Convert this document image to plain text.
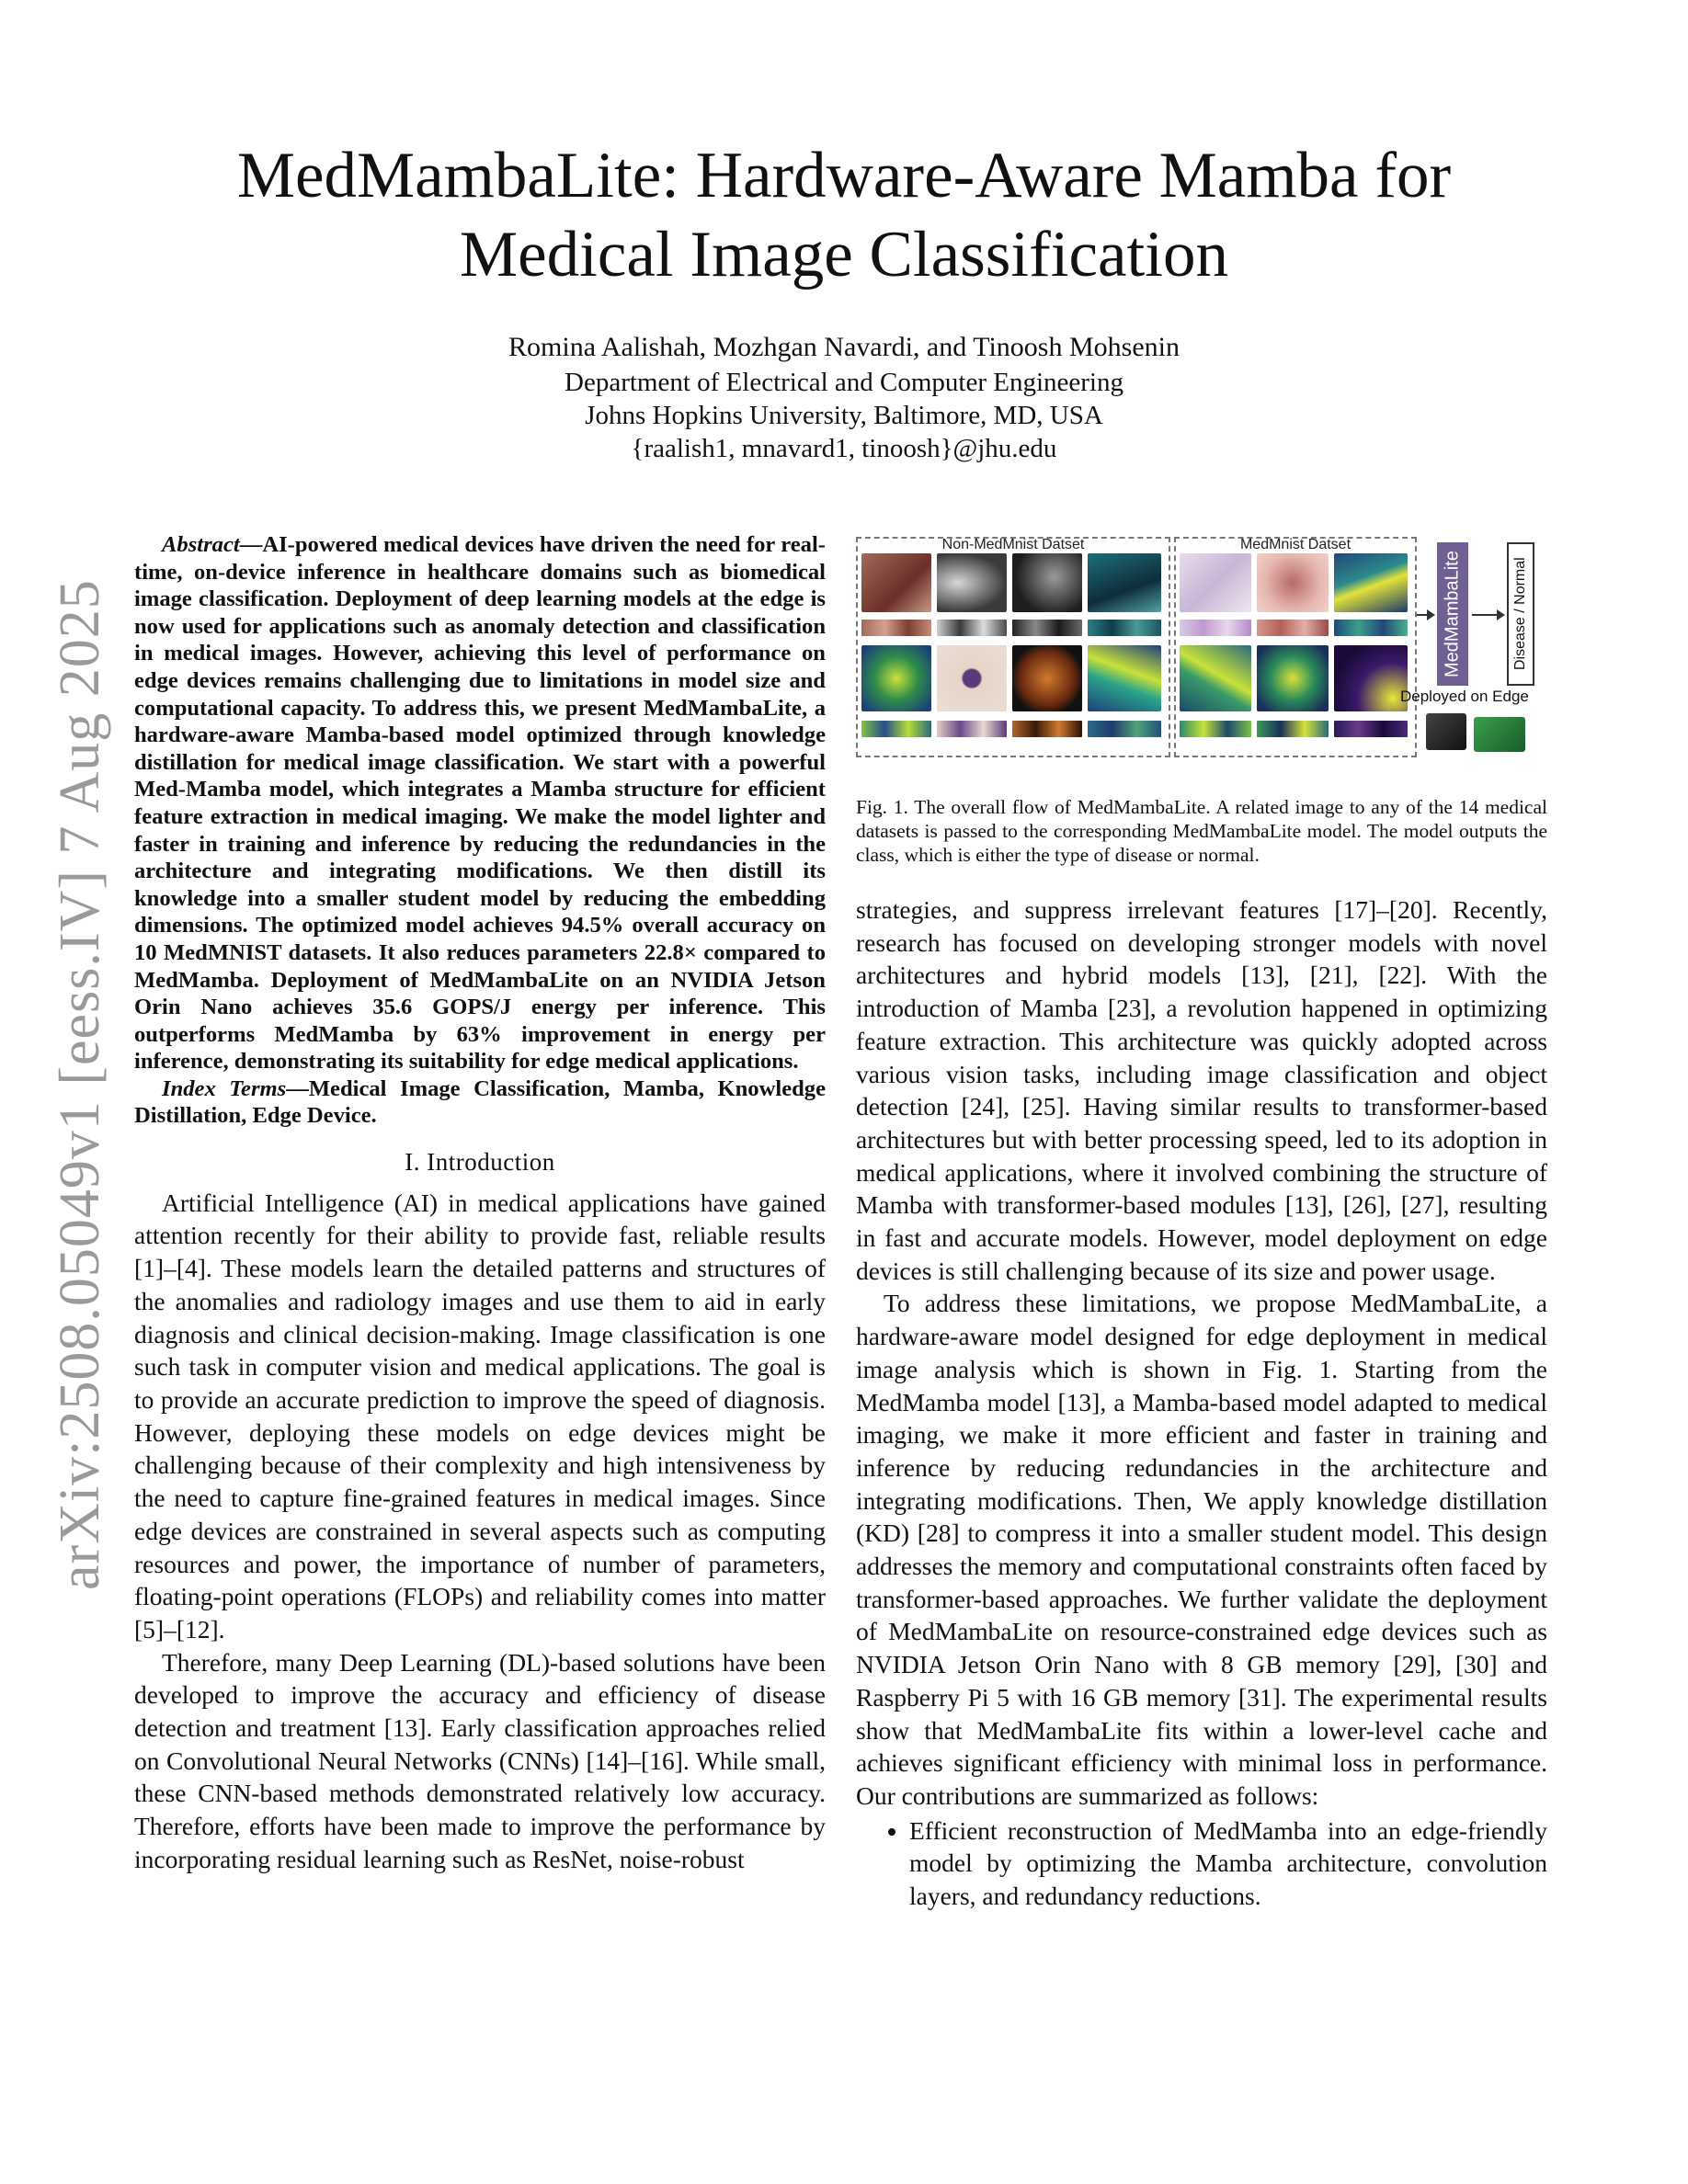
MedMambaLite: Hardware-Aware Mamba for
Medical Image Classification
Romina Aalishah, Mozhgan Navardi, and Tinoosh Mohsenin
Department of Electrical and Computer Engineering
Johns Hopkins University, Baltimore, MD, USA
{raalish1, mnavard1, tinoosh}@jhu.edu
arXiv:2508.05049v1 [eess.IV] 7 Aug 2025

Abstract—AI-powered medical devices have driven the need for real-time, on-device inference in healthcare domains such as biomedical image classification. Deployment of deep learning models at the edge is now used for applications such as anomaly detection and classification in medical images. However, achieving this level of performance on edge devices remains challenging due to limitations in model size and computational capacity. To address this, we present MedMambaLite, a hardware-aware Mamba-based model optimized through knowledge distillation for medical image classification. We start with a powerful Med-Mamba model, which integrates a Mamba structure for efficient feature extraction in medical imaging. We make the model lighter and faster in training and inference by reducing the redundancies in the architecture and integrating modifications. We then distill its knowledge into a smaller student model by reducing the embedding dimensions. The optimized model achieves 94.5% overall accuracy on 10 MedMNIST datasets. It also reduces parameters 22.8× compared to MedMamba. Deployment of MedMambaLite on an NVIDIA Jetson Orin Nano achieves 35.6 GOPS/J energy per inference. This outperforms MedMamba by 63% improvement in energy per inference, demonstrating its suitability for edge medical applications.

Index Terms—Medical Image Classification, Mamba, Knowledge Distillation, Edge Device.

I. Introduction

Artificial Intelligence (AI) in medical applications have gained attention recently for their ability to provide fast, reliable results [1]–[4]. These models learn the detailed patterns and structures of the anomalies and radiology images and use them to aid in early diagnosis and clinical decision-making. Image classification is one such task in computer vision and medical applications. The goal is to provide an accurate prediction to improve the speed of diagnosis. However, deploying these models on edge devices might be challenging because of their complexity and high intensiveness by the need to capture fine-grained features in medical images. Since edge devices are constrained in several aspects such as computing resources and power, the importance of number of parameters, floating-point operations (FLOPs) and reliability comes into matter [5]–[12].

Therefore, many Deep Learning (DL)-based solutions have been developed to improve the accuracy and efficiency of disease detection and treatment [13]. Early classification approaches relied on Convolutional Neural Networks (CNNs) [14]–[16]. While small, these CNN-based methods demonstrated relatively low accuracy. Therefore, efforts have been made to improve the performance by incorporating residual learning such as ResNet, noise-robust

Non-MedMnist Datset	MedMnist Datset
MedMambaLite	Disease / Normal
Deployed on Edge
Fig. 1. The overall flow of MedMambaLite. A related image to any of the 14 medical datasets is passed to the corresponding MedMambaLite model. The model outputs the class, which is either the type of disease or normal.

strategies, and suppress irrelevant features [17]–[20]. Recently, research has focused on developing stronger models with novel architectures and hybrid models [13], [21], [22]. With the introduction of Mamba [23], a revolution happened in optimizing feature extraction. This architecture was quickly adopted across various vision tasks, including image classification and object detection [24], [25]. Having similar results to transformer-based architectures but with better processing speed, led to its adoption in medical applications, where it involved combining the structure of Mamba with transformer-based modules [13], [26], [27], resulting in fast and accurate models. However, model deployment on edge devices is still challenging because of its size and power usage.

To address these limitations, we propose MedMambaLite, a hardware-aware model designed for edge deployment in medical image analysis which is shown in Fig. 1. Starting from the MedMamba model [13], a Mamba-based model adapted to medical imaging, we make it more efficient and faster in training and inference by reducing redundancies in the architecture and integrating modifications. Then, We apply knowledge distillation (KD) [28] to compress it into a smaller student model. This design addresses the memory and computational constraints often faced by transformer-based approaches. We further validate the deployment of MedMambaLite on resource-constrained edge devices such as NVIDIA Jetson Orin Nano with 8 GB memory [29], [30] and Raspberry Pi 5 with 16 GB memory [31]. The experimental results show that MedMambaLite fits within a lower-level cache and achieves significant efficiency with minimal loss in performance. Our contributions are summarized as follows:

• Efficient reconstruction of MedMamba into an edge-friendly model by optimizing the Mamba architecture, convolution layers, and redundancy reductions.
